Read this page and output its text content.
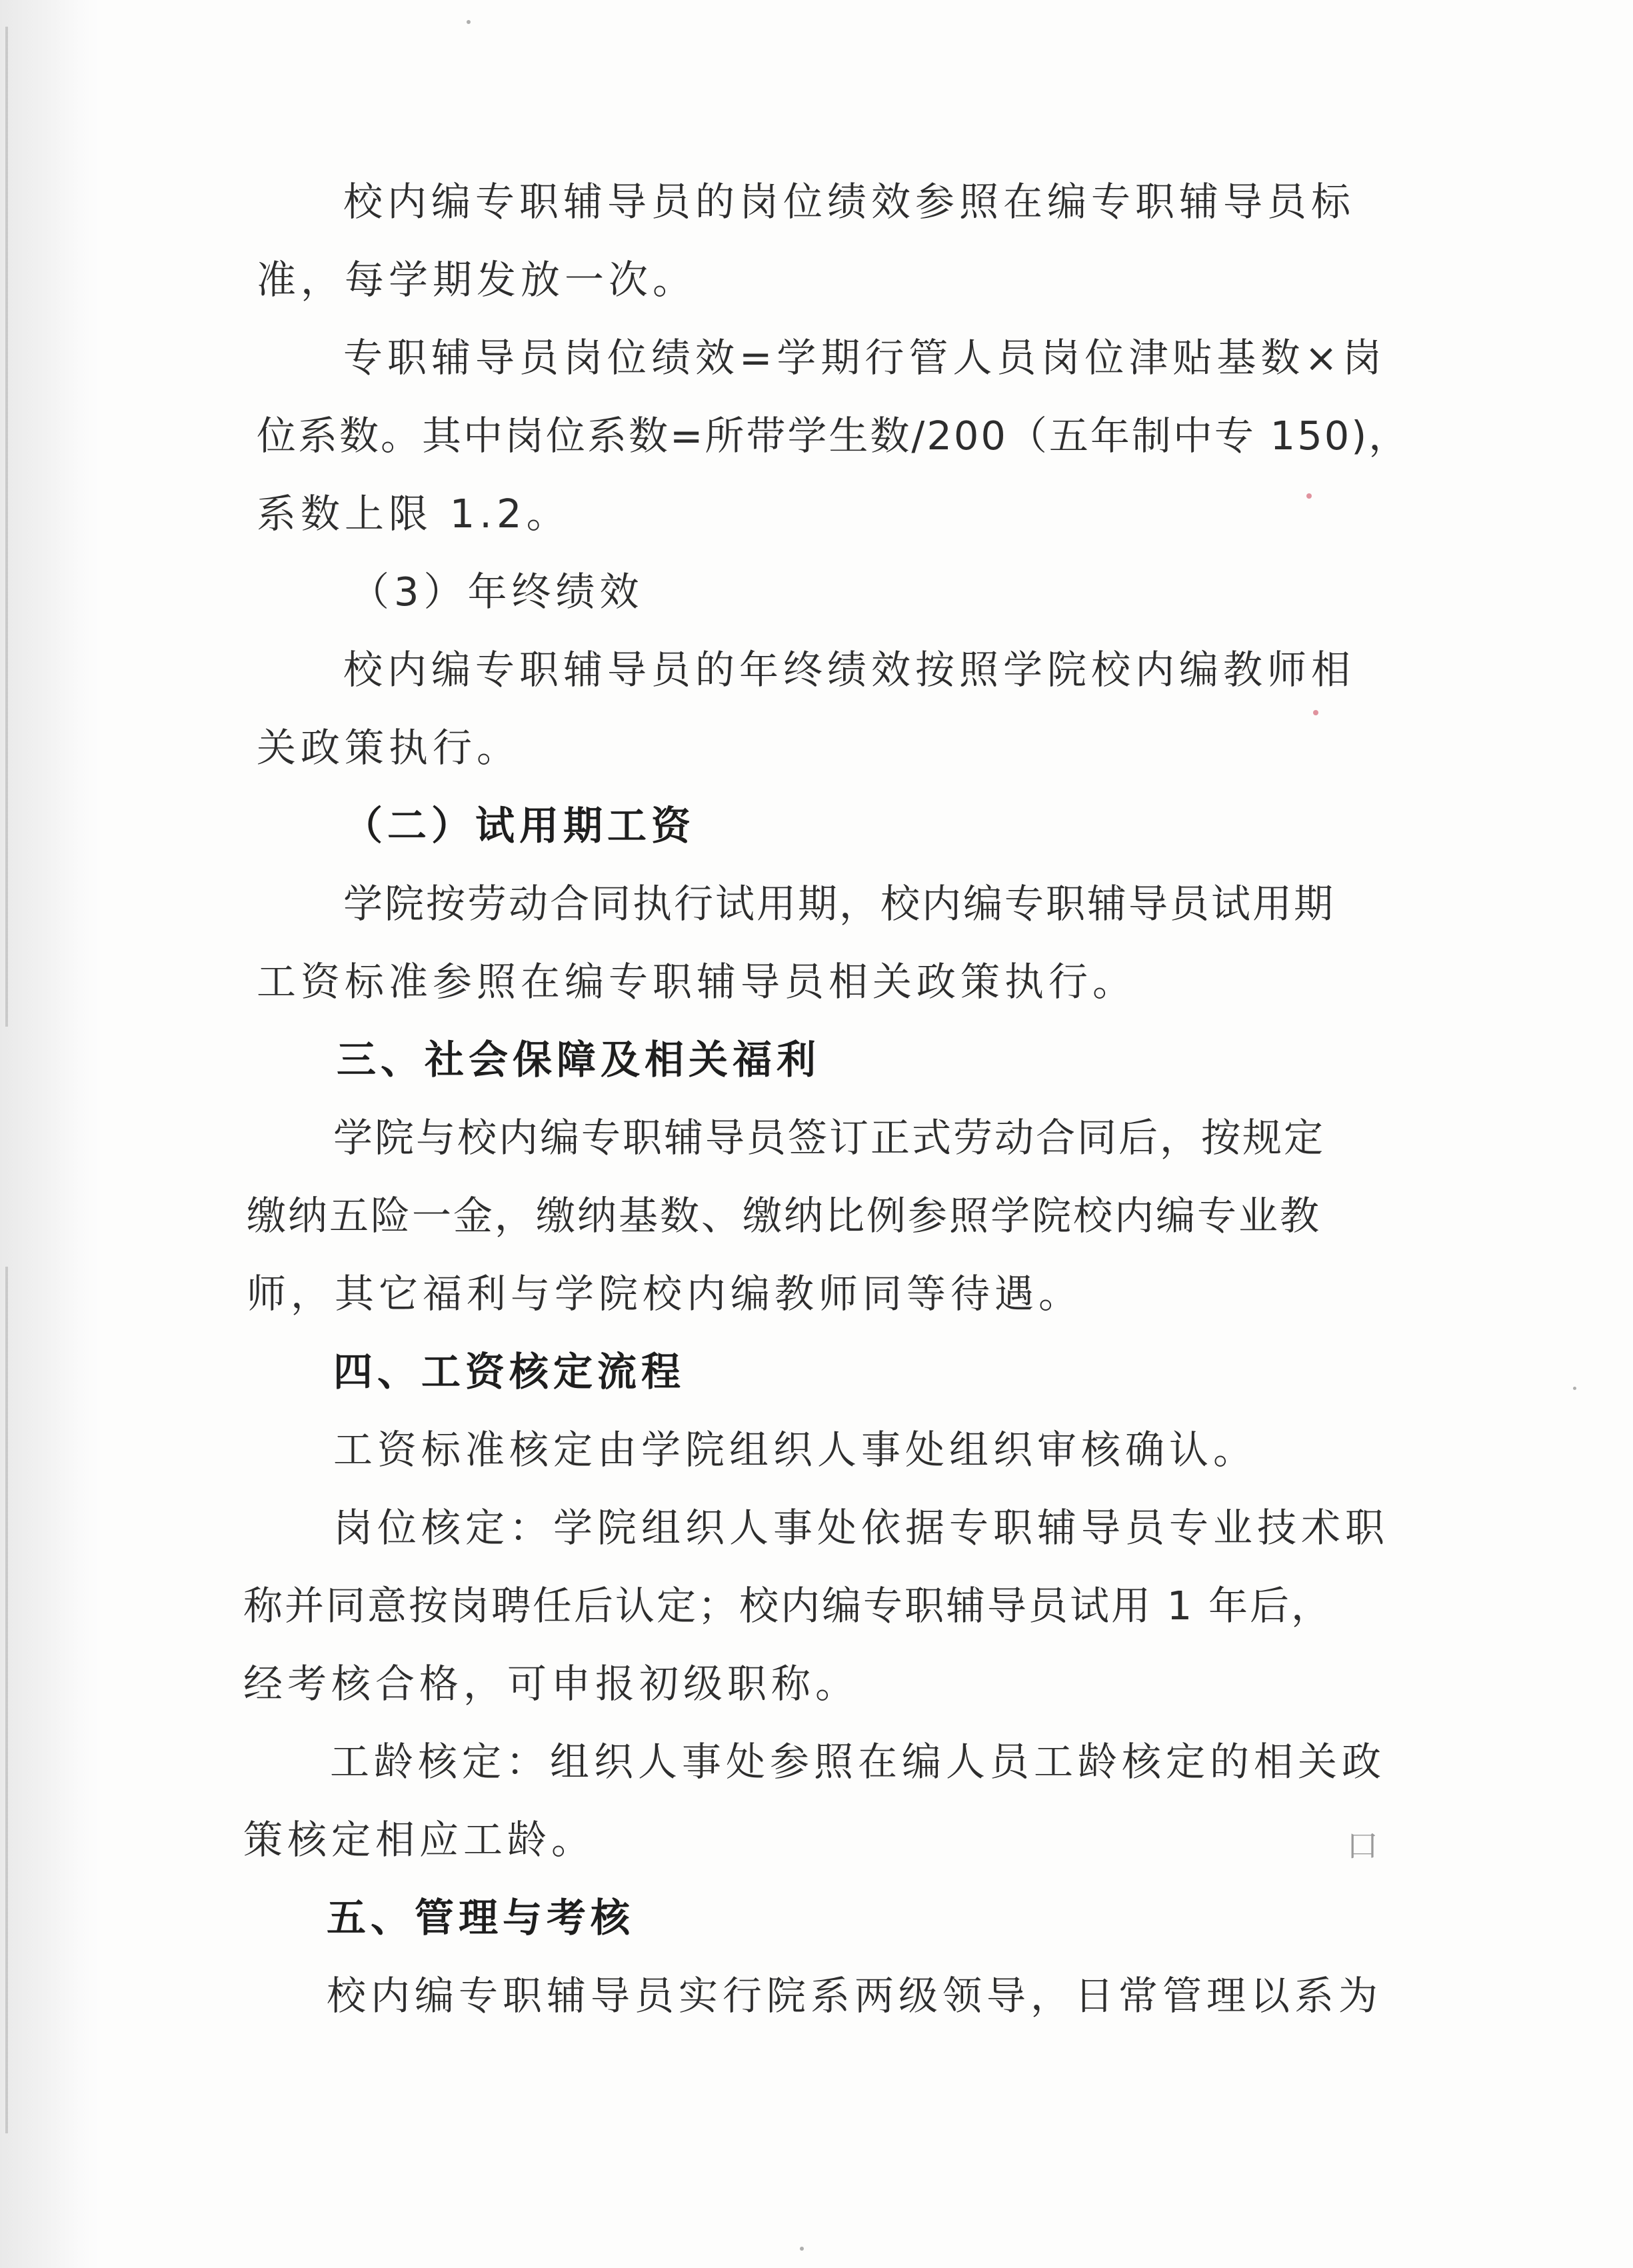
校内编专职辅导员的岗位绩效参照在编专职辅导员标
准，每学期发放一次。
专职辅导员岗位绩效=学期行管人员岗位津贴基数×岗
位系数。其中岗位系数=所带学生数/200（五年制中专 150)，
系数上限 1.2。
（3）年终绩效
校内编专职辅导员的年终绩效按照学院校内编教师相
关政策执行。
（二）试用期工资
学院按劳动合同执行试用期，校内编专职辅导员试用期
工资标准参照在编专职辅导员相关政策执行。
三、社会保障及相关福利
学院与校内编专职辅导员签订正式劳动合同后，按规定
缴纳五险一金，缴纳基数、缴纳比例参照学院校内编专业教
师，其它福利与学院校内编教师同等待遇。
四、工资核定流程
工资标准核定由学院组织人事处组织审核确认。
岗位核定：学院组织人事处依据专职辅导员专业技术职
称并同意按岗聘任后认定；校内编专职辅导员试用 1 年后，
经考核合格，可申报初级职称。
工龄核定：组织人事处参照在编人员工龄核定的相关政
策核定相应工龄。
五、管理与考核
校内编专职辅导员实行院系两级领导，日常管理以系为
口
